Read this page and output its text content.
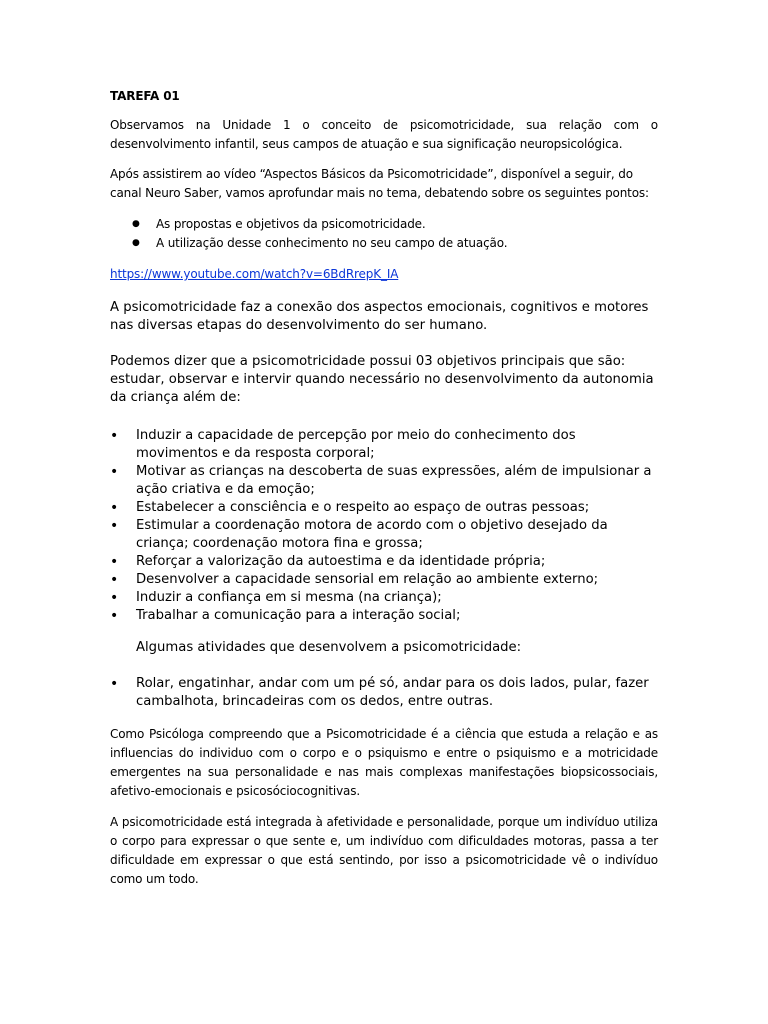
TAREFA 01

Observamos na Unidade 1 o conceito de psicomotricidade, sua relação com o desenvolvimento infantil, seus campos de atuação e sua significação neuropsicológica.

Após assistirem ao vídeo “Aspectos Básicos da Psicomotricidade”, disponível a seguir, do canal Neuro Saber, vamos aprofundar mais no tema, debatendo sobre os seguintes pontos:

● As propostas e objetivos da psicomotricidade.
● A utilização desse conhecimento no seu campo de atuação.
https://www.youtube.com/watch?v=6BdRrepK_IA

A psicomotricidade faz a conexão dos aspectos emocionais, cognitivos e motores nas diversas etapas do desenvolvimento do ser humano.

Podemos dizer que a psicomotricidade possui 03 objetivos principais que são: estudar, observar e intervir quando necessário no desenvolvimento da autonomia da criança além de:

• Induzir a capacidade de percepção por meio do conhecimento dos movimentos e da resposta corporal;
• Motivar as crianças na descoberta de suas expressões, além de impulsionar a ação criativa e da emoção;
• Estabelecer a consciência e o respeito ao espaço de outras pessoas;
• Estimular a coordenação motora de acordo com o objetivo desejado da criança; coordenação motora fina e grossa;
• Reforçar a valorização da autoestima e da identidade própria;
• Desenvolver a capacidade sensorial em relação ao ambiente externo;
• Induzir a confiança em si mesma (na criança);
• Trabalhar a comunicação para a interação social;

Algumas atividades que desenvolvem a psicomotricidade:

• Rolar, engatinhar, andar com um pé só, andar para os dois lados, pular, fazer cambalhota, brincadeiras com os dedos, entre outras.

Como Psicóloga compreendo que a Psicomotricidade é a ciência que estuda a relação e as influencias do individuo com o corpo e o psiquismo e entre o psiquismo e a motricidade emergentes na sua personalidade e nas mais complexas manifestações biopsicossociais, afetivo-emocionais e psicosóciocognitivas.

A psicomotricidade está integrada à afetividade e personalidade, porque um indivíduo utiliza o corpo para expressar o que sente e, um indivíduo com dificuldades motoras, passa a ter dificuldade em expressar o que está sentindo, por isso a psicomotricidade vê o indivíduo como um todo.
